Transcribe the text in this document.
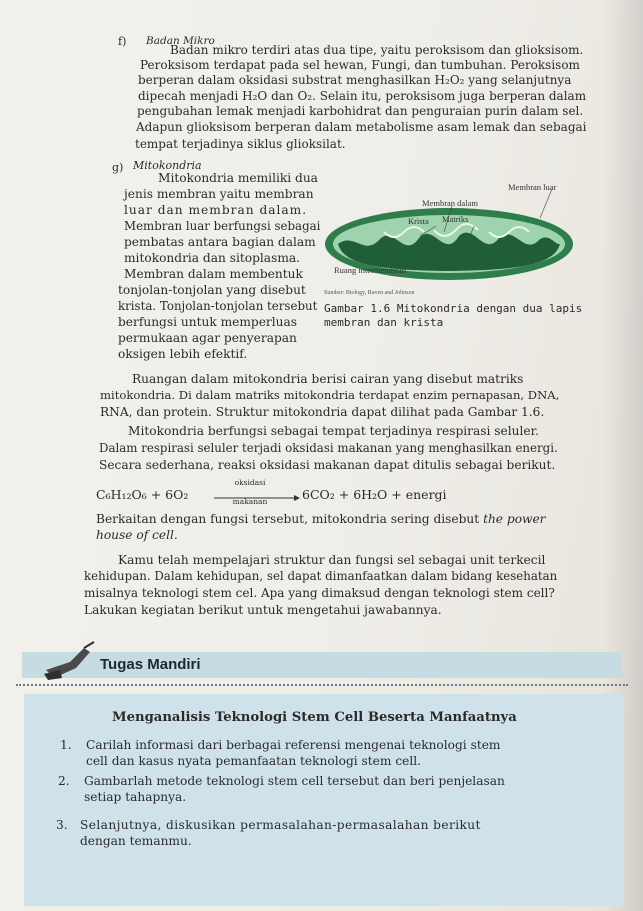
f) Badan Mikro
Badan mikro terdiri atas dua tipe, yaitu peroksisom dan glioksisom.
Peroksisom terdapat pada sel hewan, Fungi, dan tumbuhan. Peroksisom
berperan dalam oksidasi substrat menghasilkan H₂O₂ yang selanjutnya
dipecah menjadi H₂O dan O₂. Selain itu, peroksisom juga berperan dalam
pengubahan lemak menjadi karbohidrat dan penguraian purin dalam sel.
Adapun glioksisom berperan dalam metabolisme asam lemak dan sebagai
tempat terjadinya siklus glioksilat.
g) Mitokondria
Mitokondria memiliki dua
jenis membran yaitu membran
luar dan membran dalam.
Membran luar berfungsi sebagai
pembatas antara bagian dalam
mitokondria dan sitoplasma.
Membran dalam membentuk
tonjolan-tonjolan yang disebut
krista. Tonjolan-tonjolan tersebut
berfungsi untuk memperluas
permukaan agar penyerapan
oksigen lebih efektif.
Membran luar
Membran dalam
Krista Matriks
Ruang intermembran
Sumber: Biology, Raven and Johnson
Gambar 1.6 Mitokondria dengan dua lapis
membran dan krista
Ruangan dalam mitokondria berisi cairan yang disebut matriks
mitokondria. Di dalam matriks mitokondria terdapat enzim pernapasan, DNA,
RNA, dan protein. Struktur mitokondria dapat dilihat pada Gambar 1.6.
Mitokondria berfungsi sebagai tempat terjadinya respirasi seluler.
Dalam respirasi seluler terjadi oksidasi makanan yang menghasilkan energi.
Secara sederhana, reaksi oksidasi makanan dapat ditulis sebagai berikut.
C₆H₁₂O₆ + 6O₂
oksidasi
makanan	6CO₂ + 6H₂O + energi
Berkaitan dengan fungsi tersebut, mitokondria sering disebut the power
house of cell.
Kamu telah mempelajari struktur dan fungsi sel sebagai unit terkecil
kehidupan. Dalam kehidupan, sel dapat dimanfaatkan dalam bidang kesehatan
misalnya teknologi stem cel. Apa yang dimaksud dengan teknologi stem cell?
Lakukan kegiatan berikut untuk mengetahui jawabannya.
Tugas Mandiri
Menganalisis Teknologi Stem Cell Beserta Manfaatnya
1. Carilah informasi dari berbagai referensi mengenai teknologi stem
cell dan kasus nyata pemanfaatan teknologi stem cell.
2. Gambarlah metode teknologi stem cell tersebut dan beri penjelasan
setiap tahapnya.
3. Selanjutnya, diskusikan permasalahan-permasalahan berikut
dengan temanmu.
